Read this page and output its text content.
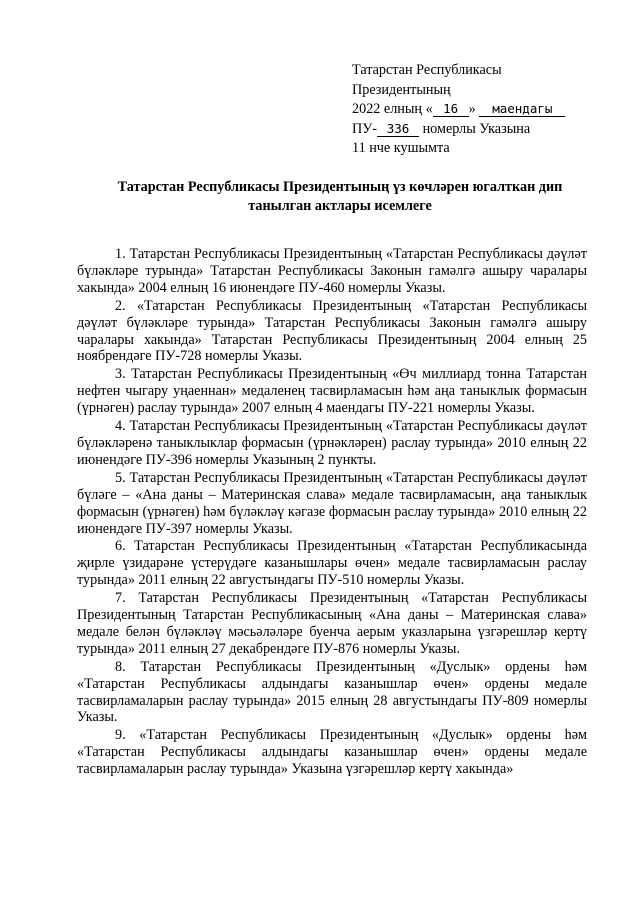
Татарстан Республикасы
Президентының
2022 елның « 16 » маендагы
ПУ- 336 номерлы Указына
11 нче кушымта
Татарстан Республикасы Президентының үз көчләрен югалткан дип танылган актлары исемлеге

1. Татарстан Республикасы Президентының «Татарстан Республикасы дәүләт бүләкләре турында» Татарстан Республикасы Законын гамәлгә ашыру чаралары хакында» 2004 елның 16 июнендәге ПУ-460 номерлы Указы.

2. «Татарстан Республикасы Президентының «Татарстан Республикасы дәүләт бүләкләре турында» Татарстан Республикасы Законын гамәлгә ашыру чаралары хакында» Татарстан Республикасы Президентының 2004 елның 25 ноябрендәге ПУ-728 номерлы Указы.

3. Татарстан Республикасы Президентының «Өч миллиард тонна Татарстан нефтен чыгару уңаеннан» медаленең тасвирламасын һәм аңа таныклык формасын (үрнәген) раслау турында» 2007 елның 4 маендагы ПУ-221 номерлы Указы.

4. Татарстан Республикасы Президентының «Татарстан Республикасы дәүләт бүләкләренә таныклыклар формасын (үрнәкләрен) раслау турында» 2010 елның 22 июнендәге ПУ-396 номерлы Указының 2 пункты.

5. Татарстан Республикасы Президентының «Татарстан Республикасы дәүләт бүләге – «Ана даны – Материнская слава» медале тасвирламасын, аңа таныклык формасын (үрнәген) һәм бүләкләү кәгазе формасын раслау турында» 2010 елның 22 июнендәге ПУ-397 номерлы Указы.

6. Татарстан Республикасы Президентының «Татарстан Республикасында җирле үзидарәне үстерүдәге казанышлары өчен» медале тасвирламасын раслау турында» 2011 елның 22 августындагы ПУ-510 номерлы Указы.

7. Татарстан Республикасы Президентының «Татарстан Республикасы Президентының Татарстан Республикасының «Ана даны – Материнская слава» медале белән бүләкләү мәсьәләләре буенча аерым указларына үзгәрешләр кертү турында» 2011 елның 27 декабрендәге ПУ-876 номерлы Указы.

8. Татарстан Республикасы Президентының «Дуслык» ордены һәм «Татарстан Республикасы алдындагы казанышлар өчен» ордены медале тасвирламаларын раслау турында» 2015 елның 28 августындагы ПУ-809 номерлы Указы.

9. «Татарстан Республикасы Президентының «Дуслык» ордены һәм «Татарстан Республикасы алдындагы казанышлар өчен» ордены медале тасвирламаларын раслау турында» Указына үзгәрешләр кертү хакында»
